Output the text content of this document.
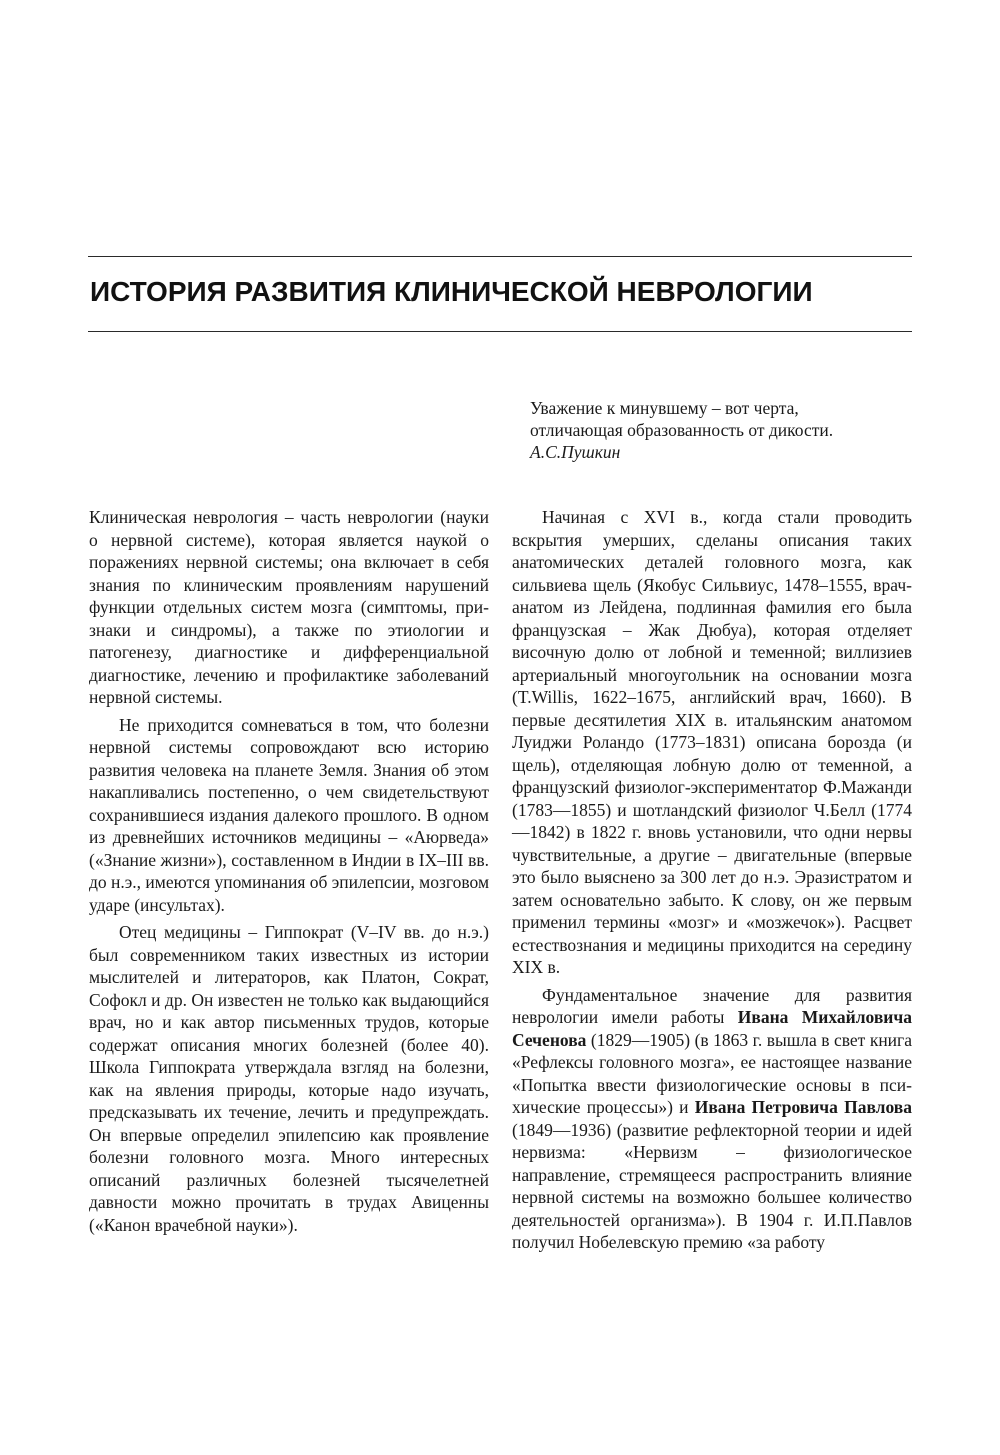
ИСТОРИЯ РАЗВИТИЯ КЛИНИЧЕСКОЙ НЕВРОЛОГИИ
Уважение к минувшему – вот черта,
отличающая образованность от дикости.
А.С.Пушкин

Клиническая неврология – часть неврологии (науки о нервной системе), которая является наукой о поражениях нервной системы; она включает в себя знания по клиническим проявлениям нарушений функции отдельных систем мозга (симптомы, признаки и синдромы), а также по этиологии и патогенезу, диагностике и дифференциальной диагностике, лечению и профилактике заболеваний нервной системы.

Не приходится сомневаться в том, что болезни нервной системы сопровождают всю историю развития человека на планете Земля. Знания об этом накапливались постепенно, о чем свидетельствуют сохранившиеся издания далекого прошлого. В одном из древнейших источников медицины – «Аюрведа» («Знание жизни»), составленном в Индии в IX–III вв. до н.э., имеются упоминания об эпилепсии, мозговом ударе (инсультах).

Отец медицины – Гиппократ (V–IV вв. до н.э.) был современником таких известных из истории мыслителей и литераторов, как Платон, Сократ, Софокл и др. Он известен не только как выдающийся врач, но и как автор письменных трудов, которые содержат описания многих болезней (более 40). Школа Гиппократа утверждала взгляд на болезни, как на явления природы, которые надо изучать, предсказывать их течение, лечить и предупреждать. Он впервые определил эпилепсию как проявление болезни головного мозга. Много интересных описаний различных болезней тысячелетней давности можно прочитать в трудах Авиценны («Канон врачебной науки»).

Начиная с XVI в., когда стали проводить вскрытия умерших, сделаны описания таких анатомических деталей головного мозга, как сильвиева щель (Якобус Сильвиус, 1478–1555, врач-анатом из Лейдена, подлинная фамилия его была французская – Жак Дюбуа), которая отделяет височную долю от лобной и теменной; виллизиев артериальный многоугольник на основании мозга (T.Willis, 1622–1675, английский врач, 1660). В первые десятилетия XIX в. итальянским анатомом Луиджи Роландо (1773–1831) описана борозда (и щель), отделяющая лобную долю от теменной, а французский физиолог-экспериментатор Ф.Мажанди (1783—1855) и шотландский физиолог Ч.Белл (1774—1842) в 1822 г. вновь установили, что одни нервы чувствительные, а другие – двигательные (впервые это было выяснено за 300 лет до н.э. Эразистратом и затем основательно забыто. К слову, он же первым применил термины «мозг» и «мозжечок»). Расцвет естествознания и медицины приходится на середину XIX в.

Фундаментальное значение для развития неврологии имели работы Ивана Михайловича Сеченова (1829—1905) (в 1863 г. вышла в свет книга «Рефлексы головного мозга», ее настоящее название «Попытка ввести физиологические основы в психические процессы») и Ивана Петровича Павлова (1849—1936) (развитие рефлекторной теории и идей нервизма: «Нервизм – физиологическое направление, стремящееся распространить влияние нервной системы на возможно большее количество деятельностей организма»). В 1904 г. И.П.Павлов получил Нобелевскую премию «за работу
